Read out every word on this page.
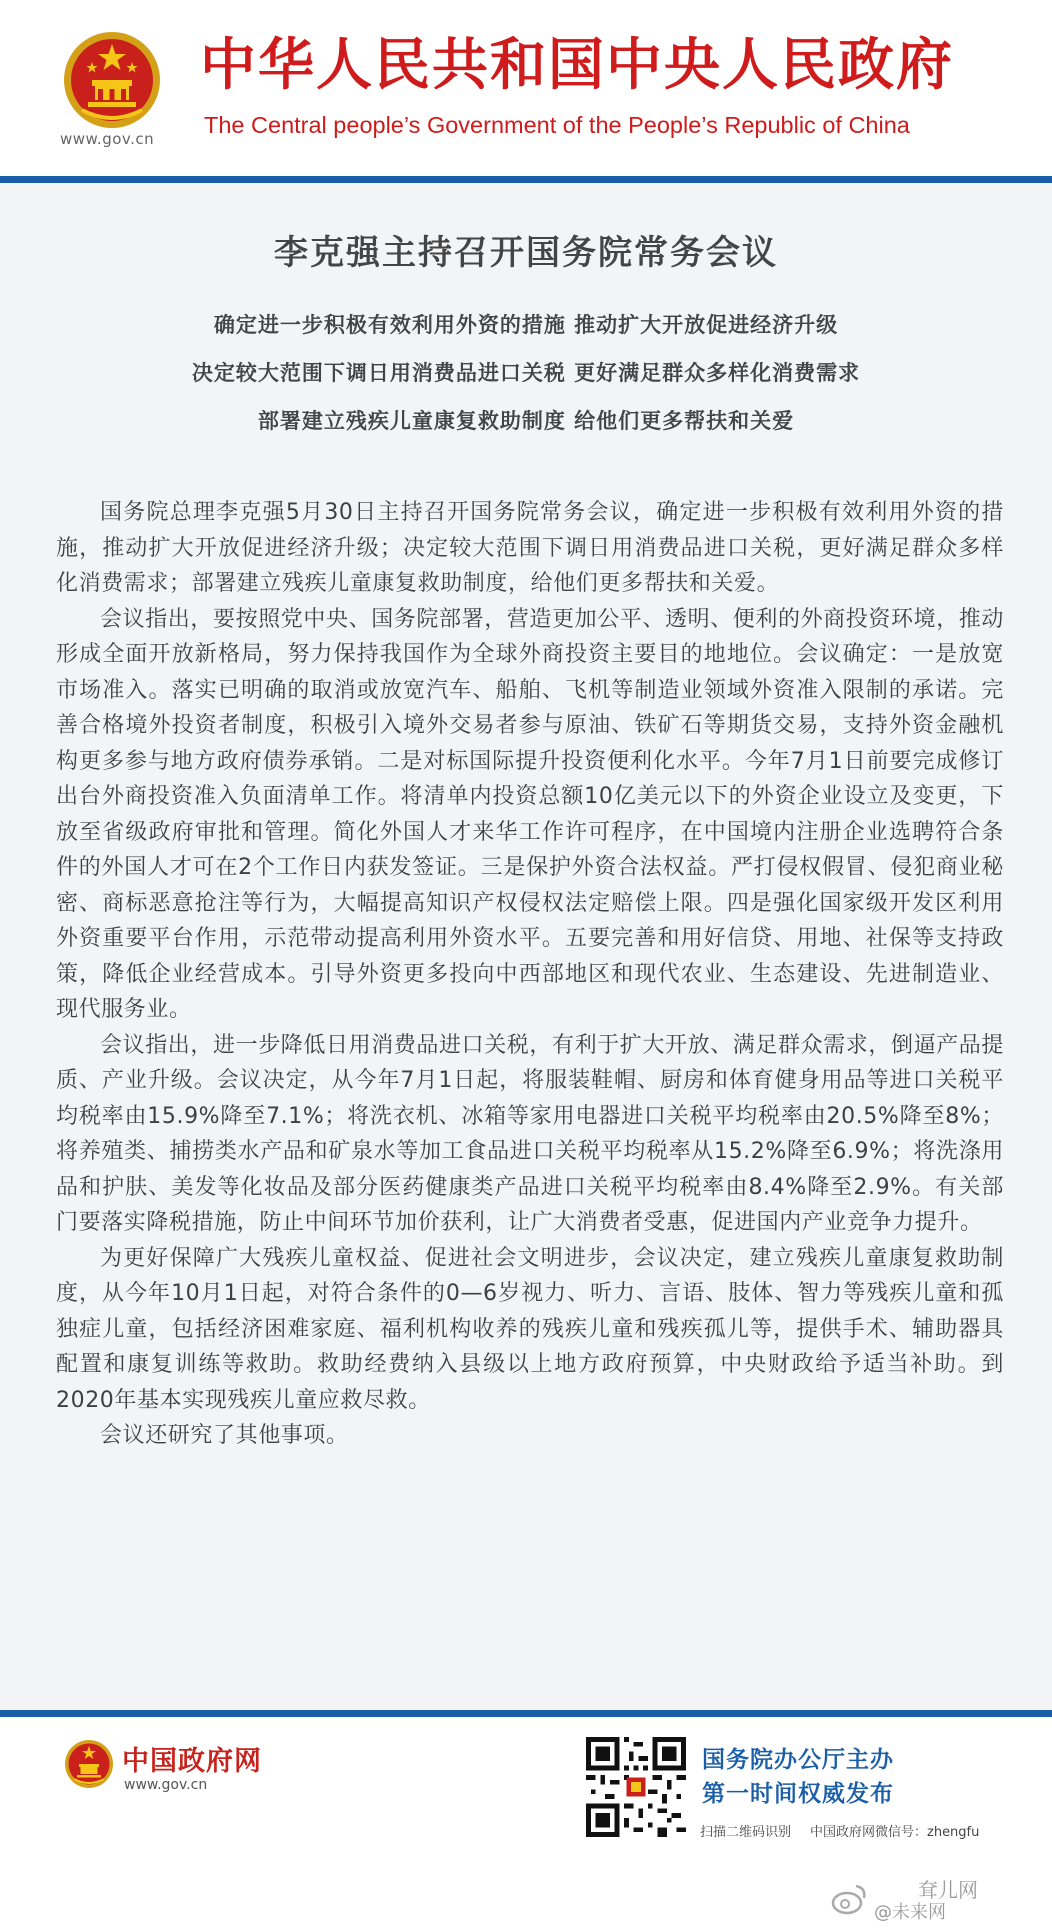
www.gov.cn
中华人民共和国中央人民政府
The Central people’s Government of the People’s Republic of China
李克强主持召开国务院常务会议
确定进一步积极有效利用外资的措施 推动扩大开放促进经济升级
决定较大范围下调日用消费品进口关税 更好满足群众多样化消费需求
部署建立残疾儿童康复救助制度 给他们更多帮扶和关爱

国务院总理李克强5月30日主持召开国务院常务会议，确定进一步积极有效利用外资的措施，推动扩大开放促进经济升级；决定较大范围下调日用消费品进口关税，更好满足群众多样化消费需求；部署建立残疾儿童康复救助制度，给他们更多帮扶和关爱。

会议指出，要按照党中央、国务院部署，营造更加公平、透明、便利的外商投资环境，推动形成全面开放新格局，努力保持我国作为全球外商投资主要目的地地位。会议确定：一是放宽市场准入。落实已明确的取消或放宽汽车、船舶、飞机等制造业领域外资准入限制的承诺。完善合格境外投资者制度，积极引入境外交易者参与原油、铁矿石等期货交易，支持外资金融机构更多参与地方政府债券承销。二是对标国际提升投资便利化水平。今年7月1日前要完成修订出台外商投资准入负面清单工作。将清单内投资总额10亿美元以下的外资企业设立及变更，下放至省级政府审批和管理。简化外国人才来华工作许可程序，在中国境内注册企业选聘符合条件的外国人才可在2个工作日内获发签证。三是保护外资合法权益。严打侵权假冒、侵犯商业秘密、商标恶意抢注等行为，大幅提高知识产权侵权法定赔偿上限。四是强化国家级开发区利用外资重要平台作用，示范带动提高利用外资水平。五要完善和用好信贷、用地、社保等支持政策，降低企业经营成本。引导外资更多投向中西部地区和现代农业、生态建设、先进制造业、现代服务业。

会议指出，进一步降低日用消费品进口关税，有利于扩大开放、满足群众需求，倒逼产品提质、产业升级。会议决定，从今年7月1日起，将服装鞋帽、厨房和体育健身用品等进口关税平均税率由15.9%降至7.1%；将洗衣机、冰箱等家用电器进口关税平均税率由20.5%降至8%；将养殖类、捕捞类水产品和矿泉水等加工食品进口关税平均税率从15.2%降至6.9%；将洗涤用品和护肤、美发等化妆品及部分医药健康类产品进口关税平均税率由8.4%降至2.9%。有关部门要落实降税措施，防止中间环节加价获利，让广大消费者受惠，促进国内产业竞争力提升。

为更好保障广大残疾儿童权益、促进社会文明进步，会议决定，建立残疾儿童康复救助制度，从今年10月1日起，对符合条件的0—6岁视力、听力、言语、肢体、智力等残疾儿童和孤独症儿童，包括经济困难家庭、福利机构收养的残疾儿童和残疾孤儿等，提供手术、辅助器具配置和康复训练等救助。救助经费纳入县级以上地方政府预算，中央财政给予适当补助。到2020年基本实现残疾儿童应救尽救。

会议还研究了其他事项。

中国政府网
www.gov.cn
国务院办公厅主办
第一时间权威发布
扫描二维码识别 中国政府网微信号：zhengfu
耷儿网
@未来网
